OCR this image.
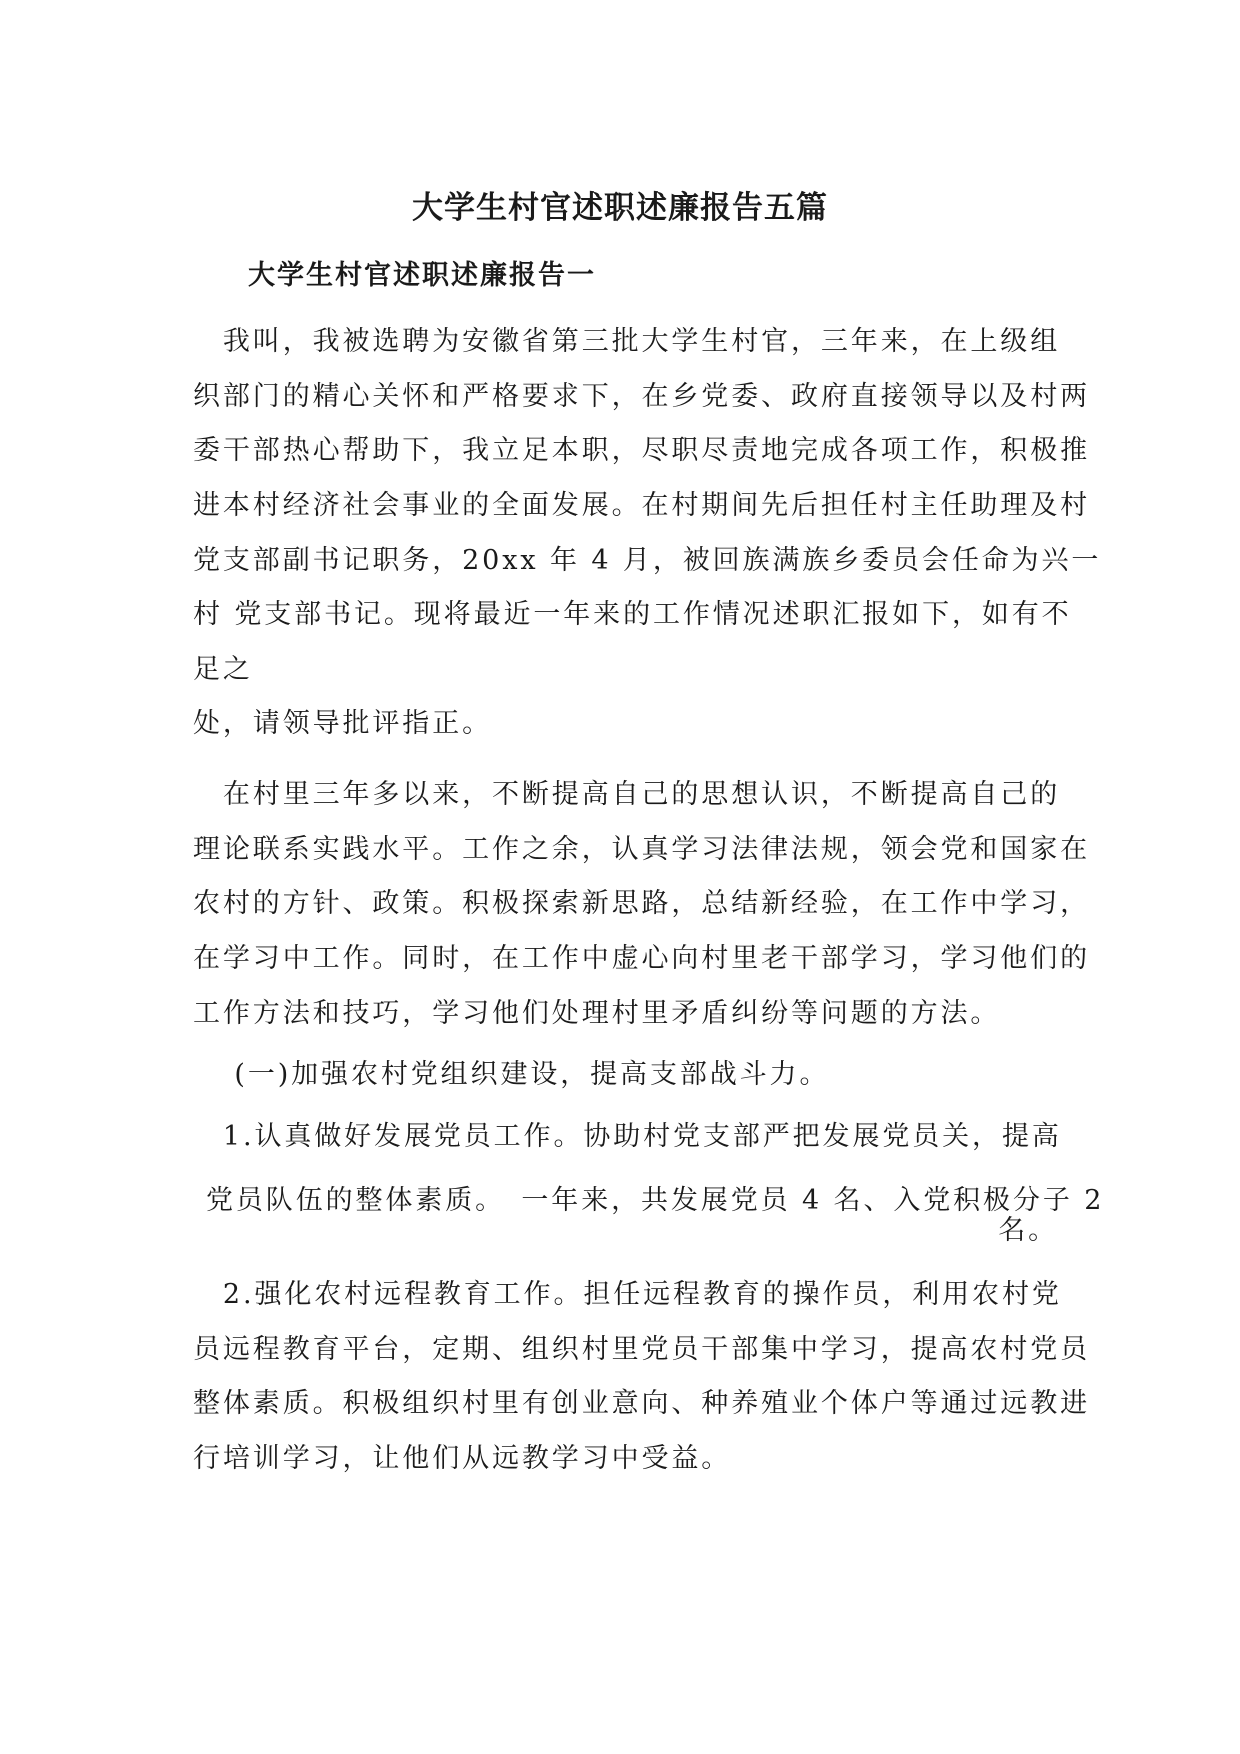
大学生村官述职述廉报告五篇
大学生村官述职述廉报告一
　我叫，我被选聘为安徽省第三批大学生村官，三年来，在上级组
织部门的精心关怀和严格要求下，在乡党委、政府直接领导以及村两
委干部热心帮助下，我立足本职，尽职尽责地完成各项工作，积极推
进本村经济社会事业的全面发展。在村期间先后担任村主任助理及村
党支部副书记职务，20xx 年 4 月，被回族满族乡委员会任命为兴一
村 党支部书记。现将最近一年来的工作情况述职汇报如下，如有不
足之
处，请领导批评指正。
　在村里三年多以来，不断提高自己的思想认识，不断提高自己的
理论联系实践水平。工作之余，认真学习法律法规，领会党和国家在
农村的方针、政策。积极探索新思路，总结新经验，在工作中学习，
在学习中工作。同时，在工作中虚心向村里老干部学习，学习他们的
工作方法和技巧，学习他们处理村里矛盾纠纷等问题的方法。
　 (一)加强农村党组织建设，提高支部战斗力。
　1.认真做好发展党员工作。协助村党支部严把发展党员关，提高
党员队伍的整体素质。　一年来，共发展党员 4 名、入党积极分子 2
名。
　2.强化农村远程教育工作。担任远程教育的操作员，利用农村党
员远程教育平台，定期、组织村里党员干部集中学习，提高农村党员
整体素质。积极组织村里有创业意向、种养殖业个体户等通过远教进
行培训学习，让他们从远教学习中受益。
